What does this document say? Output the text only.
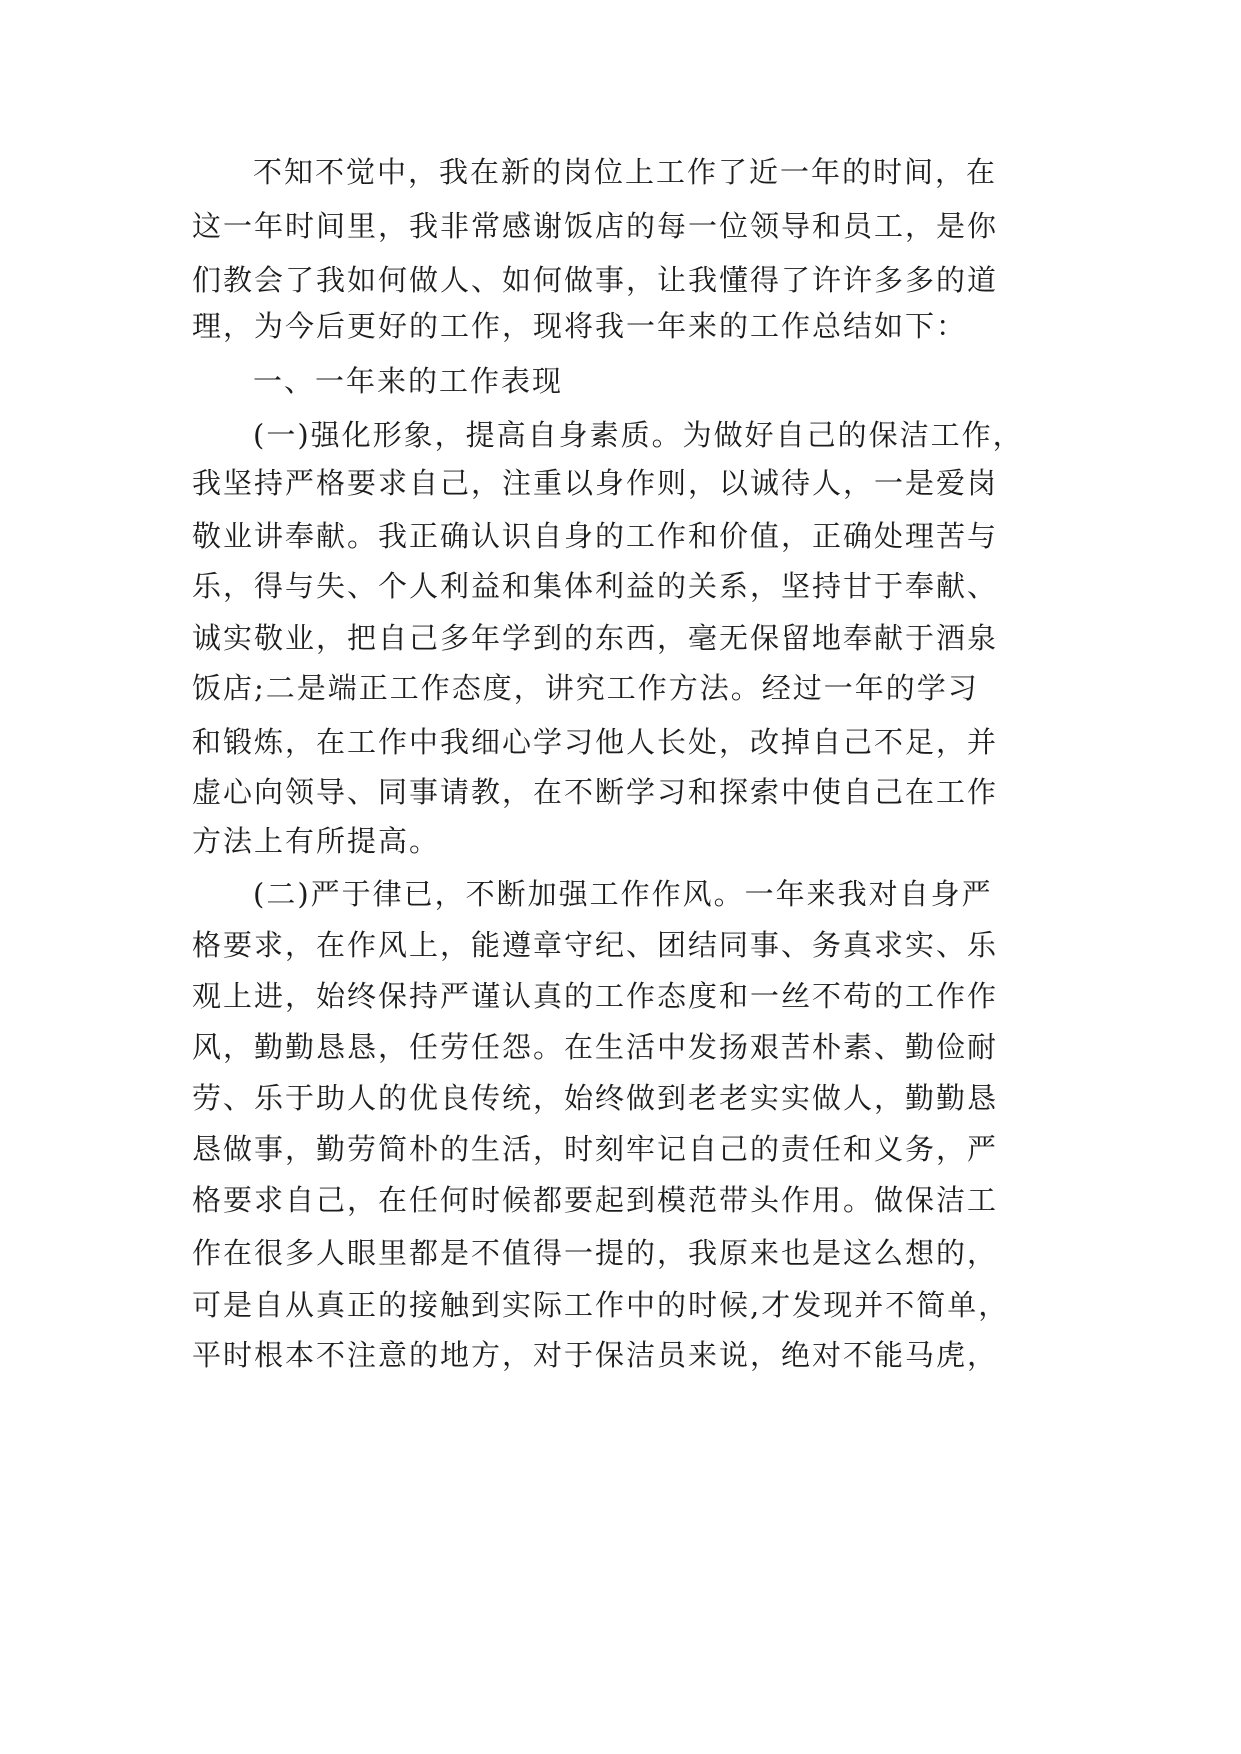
不知不觉中，我在新的岗位上工作了近一年的时间，在

这一年时间里，我非常感谢饭店的每一位领导和员工，是你

们教会了我如何做人、如何做事，让我懂得了许许多多的道

理，为今后更好的工作，现将我一年来的工作总结如下：

一、一年来的工作表现

(一)强化形象，提高自身素质。为做好自己的保洁工作，

我坚持严格要求自己，注重以身作则，以诚待人，一是爱岗

敬业讲奉献。我正确认识自身的工作和价值，正确处理苦与

乐，得与失、个人利益和集体利益的关系，坚持甘于奉献、

诚实敬业，把自己多年学到的东西，毫无保留地奉献于酒泉

饭店;二是端正工作态度，讲究工作方法。经过一年的学习

和锻炼，在工作中我细心学习他人长处，改掉自己不足，并

虚心向领导、同事请教，在不断学习和探索中使自己在工作

方法上有所提高。

(二)严于律已，不断加强工作作风。一年来我对自身严

格要求，在作风上，能遵章守纪、团结同事、务真求实、乐

观上进，始终保持严谨认真的工作态度和一丝不苟的工作作

风，勤勤恳恳，任劳任怨。在生活中发扬艰苦朴素、勤俭耐

劳、乐于助人的优良传统，始终做到老老实实做人，勤勤恳

恳做事，勤劳简朴的生活，时刻牢记自己的责任和义务，严

格要求自己，在任何时候都要起到模范带头作用。做保洁工

作在很多人眼里都是不值得一提的，我原来也是这么想的，

可是自从真正的接触到实际工作中的时候,才发现并不简单，

平时根本不注意的地方，对于保洁员来说，绝对不能马虎，
